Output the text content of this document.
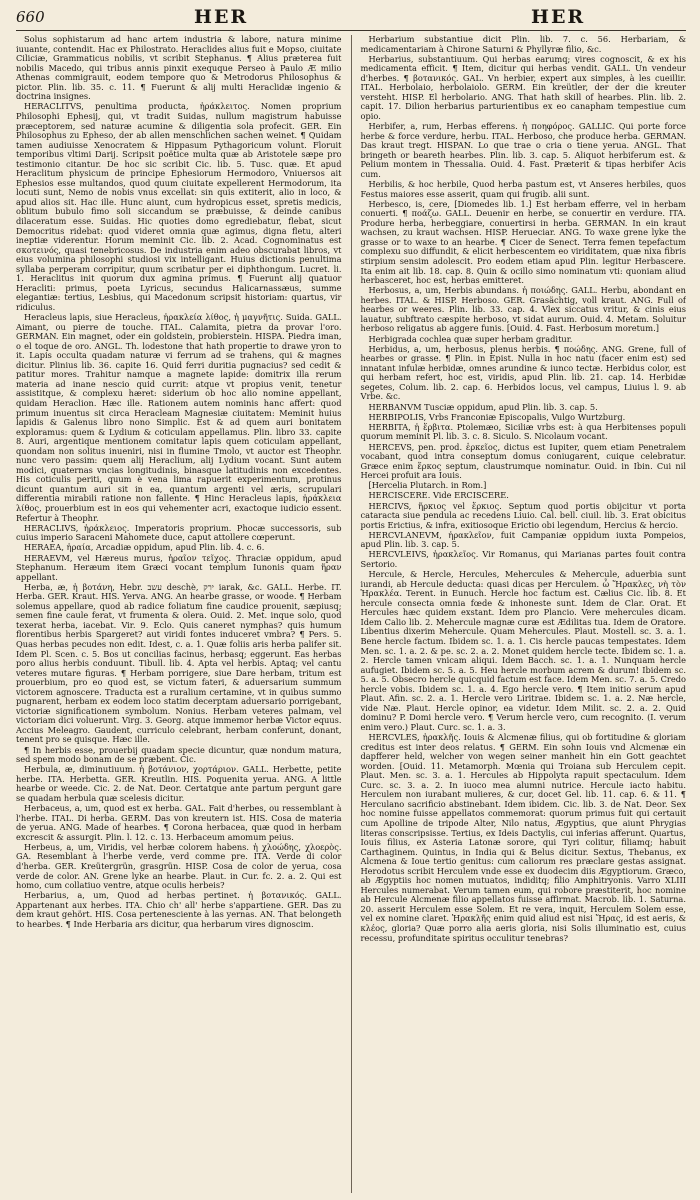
660	HER	HER

Solus sophistarum ad hanc artem industria & labore, natura minime iuuante, contendit. Hac ex Philostrato. Heraclides alius fuit e Mopso, ciuitate Ciliciæ, Grammaticus nobilis, vt scribit Stephanus. ¶ Alius præterea fuit nobilis Macedo, qui tribus annis pinxit exequque Perseo à Paulo Æ milio Athenas commigrauit, eodem tempore quo & Metrodorus Philosophus & pictor. Plin. lib. 35. c. 11. ¶ Fuerunt & alij multi Heraclidæ ingenio & doctrina insignes.

HERACLITVS, penultima producta, ἡράκλειτος. Nomen proprium Philosophi Ephesij, qui, vt tradit Suidas, nullum magistrum habuisse præceptorem, sed naturæ acumine & diligentia sola profecit. GER. Ein Philosophus zu Epheso, der ab allen menschlichen sachen weinet. ¶ Quidam tamen audiuisse Xenocratem & Hippasum Pythagoricum volunt. Floruit temporibus vltimi Darij. Scripsit poëtice multa quæ ab Aristotele sæpe pro testimonio citantur. De hoc sic scribit Cic. lib. 5. Tusc. quæ. Et apud Heraclitum physicum de principe Ephesiorum Hermodoro, Vniuersos ait Ephesios esse multandos, quod quum ciuitate expellerent Hermodorum, ita locuti sunt, Nemo de nobis vnus excellat: sin quis extiterit, alio in loco, & apud alios sit. Hac ille. Hunc aiunt, cum hydropicus esset, spretis medicis, oblitum bubulo fimo soli siccandum se præbuisse, & deinde canibus dilaceratum esse. Suidas. Hic quoties domo egrediebatur, flebat, sicut Democritus ridebat: quod videret omnia quæ agimus, digna fletu, alteri ineptiæ viderentur. Horum meminit Cic. lib. 2. Acad. Cognominatus est σκοτεινός, quasi tenebricosus. De industria enim adeo obscurabat libros, vt eius volumina philosophi studiosi vix intelligant. Huius dictionis penultima syllaba perperam corripitur, quum scribatur per ei diphthongum. Lucret. li. 1. Heraclitus init quorum dux agmina primus. ¶ Fuerunt alij quatuor Heracliti: primus, poeta Lyricus, secundus Halicarnassæus, summe elegantiæ: tertius, Lesbius, qui Macedonum scripsit historiam: quartus, vir ridiculus.

Heracleus lapis, siue Heracleus, ἡρακλεία λίθος, ἡ μαγνῆτις. Suida. GALL. Aimant, ou pierre de touche. ITAL. Calamita, pietra da provar l'oro. GERMAN. Ein magnet, oder ein goldstein, probierstein. HISPA. Piedra iman, o el toque de oro. ANGL. Th. lodestone that hath propertie to drawe yron to it. Lapis occulta quadam naturæ vi ferrum ad se trahens, qui & magnes dicitur. Plinius lib. 36. capite 16. Quid ferri duritia pugnacius? sed cedit & patitur mores. Trahitur namque a magnete lapide: domitrix illa rerum materia ad inane nescio quid currit: atque vt propius venit, tenetur assistitque, & complexu hæret: siderium ob hoc alio nomine appellant, quidam Heraclion. Hæc ille. Rationem autem nominis hanc affert: quod primum inuentus sit circa Heracleam Magnesiæ ciuitatem: Meminit huius lapidis & Galenus libro nono Simplic. Est & ad quem auri bonitatem exploramus: quem & Lydium & coticulam appellamus. Plin. libro 33. capite 8. Auri, argentique mentionem comitatur lapis quem coticulam appellant, quondam non solitus inueniri, nisi in flumine Tmolo, vt auctor est Theophr. nunc vero passim: quem alij Heraclium, alij Lydium vocant. Sunt autem modici, quaternas vncias longitudinis, binasque latitudinis non excedentes. His coticulis periti, quum è vena lima rapuerit experimentum, protinus dicunt quantum auri sit in ea, quantum argenti vel æris, scrupulari differentia mirabili ratione non fallente. ¶ Hinc Heracleus lapis, ἡράκλεια λίθος, prouerbium est in eos qui vehementer acri, exactoque iudicio essent. Refertur à Theophr.

HERACLIVS, ἡράκλειος. Imperatoris proprium. Phocæ successoris, sub cuius imperio Saraceni Mahomete duce, caput attollere cœperunt.

HERAEA, ἡραία, Arcadiæ oppidum, apud Plin. lib. 4. c. 6.

HERAEVM, vel Hæreus murus, ἡραῖον τεῖχος. Thraciæ oppidum, apud Stephanum. Heræum item Græci vocant templum Iunonis quam ἥραν appellant.

Herba, æ, ἡ βοτάνη, Hebr. עשב deschè, ירק iarak, &c. GALL. Herbe. IT. Herba. GER. Kraut. HIS. Yerva. ANG. An hearbe grasse, or woode. ¶ Herbam solemus appellare, quod ab radice foliatum fine caudice prouenit, sæpiusq; semen fine caule ferat, vt frumenta & olera. Ouid. 2. Met. inque solo, quod texerat herba, iacebat. Vir. 9. Eclo. Quis caneret nymphas? quis humum florentibus herbis Spargeret? aut viridi fontes induceret vmbra? ¶ Pers. 5. Quas herbas pecudes non edit. Idest, c. a. 1. Quæ foliis aris herba palifer sit. Idem Pl. Scen. c. 5. Bos ut concilias facinus, herbasq; eggerunt. Eas herbas poro alius herbis conduunt. Tibull. lib. 4. Apta vel herbis. Aptaq; vel cantu veteres mutare figuras. ¶ Herbam porrigere, siue Dare herbam, tritum est prouerbium, pro eo quod est, se victum fateri, & aduersarium summum victorem agnoscere. Traducta est a ruralium certamine, vt in quibus summo pugnarent, herbam ex eodem loco statim decerptam aduersario porrigebant, victoriæ significationem symbolum. Nonius. Herbam veteres palmam, vel victoriam dici voluerunt. Virg. 3. Georg. atque immemor herbæ Victor equus. Accius Meleagro. Gaudent, curriculo celebrant, herbam conferunt, donant, tenent pro se quisque. Hæc ille.

¶ In herbis esse, prouerbij quadam specie dicuntur, quæ nondum matura, sed spem modo bonam de se præbent. Cic.

Herbula, æ, diminutiuum. ἡ βοτάνιον, χορτάριον. GALL. Herbette, petite herbe. ITA. Herbetta. GER. Kreutlin. HIS. Poquenita yerua. ANG. A little hearbe or weede. Cic. 2. de Nat. Deor. Certatque ante partum pergunt gare se quadam herbula quæ scelesis dicitur.

Herbaceus, a, um, quod est ex herba. GAL. Fait d'herbes, ou ressemblant à l'herbe. ITAL. Di herba. GERM. Das von kreutern ist. HIS. Cosa de materia de yerua. ANG. Made of hearbes. ¶ Corona herbacea, quæ quod in herbam excrescit & assurgit. Plin. l. 12. c. 13. Herbaceum amomum peius.

Herbeus, a, um, Viridis, vel herbæ colorem habens. ἡ χλοώδης, χλοερὸς. GA. Resemblant à l'herbe verde, verd comme pre. ITA. Verde di color d'herba. GER. Kreütergrün, grasgrün. HISP. Cosa de color de yerua, cosa verde de color. AN. Grene lyke an hearbe. Plaut. in Cur. fc. 2. a. 2. Qui est homo, cum collatiuo ventre, atque oculis herbeis?

Herbarius, a, um, Quod ad herbas pertinet. ἡ βοτανικός. GALL. Appartenant aux herbes. ITA. Chio ch' all' herbe s'appartiene. GER. Das zu dem kraut gehört. HIS. Cosa pertenesciente à las yernas. AN. That belongeth to hearbes. ¶ Inde Herbaria ars dicitur, qua herbarum vires dignoscim.

Herbarium substantiue dicit Plin. lib. 7. c. 56. Herbariam, & medicamentariam à Chirone Saturni & Phyllyræ filio, &c.

Herbarius, substantiuum. Qui herbas earumq; vires cognoscit, & ex his medicamenta efficit. ¶ Item, dicitur qui herbas vendit. GALL. Un vendeur d'herbes. ¶ βοτανικός. GAL. Vn herbier, expert aux simples, à les cueillir. ITAL. Herbolaio, herbolaiolo. GERM. Ein kreütler, der der die kreuter versteht. HISP. El herbolario. ANG. That hath skill of hearbes. Plin. lib. 2. capit. 17. Dilion herbarius parturientibus ex eo canapham tempestiue cum opio.

Herbifer, a, rum, Herbas efferens. ἡ ποηφόρος. GALLIC. Qui porte force herbe & force verdure, herbu. ITAL. Herboso, che produce herba. GERMAN. Das kraut tregt. HISPAN. Lo que trae o cria o tiene yerua. ANGL. That bringeth or beareth hearbes. Plin. lib. 3. cap. 5. Aliquot herbiferum est. & Pelium montem in Thessalia. Ouid. 4. Fast. Præterit & tipas herbifer Acis cum.

Herbilis, & hoc herbile, Quod herba pastum est, vt Anseres herbiles, quos Festus maiores esse asserit, quam qui frugib. alii sunt.

Herbesco, is, cere, [Diomedes lib. 1.] Est herbam efferre, vel in herbam conuerti. ¶ ποάζω. GALL. Deuenir en herbe, se conuertir en verdure. ITA. Produre herba, herbeggiare, conuertirsi in herba. GERMAN. In ein kraut wachsen, zu kraut wachsen. HISP. Herueciar. ANG. To waxe grene lyke the grasse or to waxe to an hearbe. ¶ Cicer de Senect. Terra femen tepefactum complexu suo diffundit, & elicit herbescentem eo viriditatem, quæ nixa fibris stirpium sensim adolescit. Pro eodem etiam apud Plin. legitur Herbascere. Ita enim ait lib. 18. cap. 8. Quin & ocillo simo nominatum vti: quoniam aliud herbasceret, hoc est, herbas emitteret.

Herbosus, a, um, Herbis abundans. ἡ ποιώδης. GALL. Herbu, abondant en herbes. ITAL. & HISP. Herboso. GER. Grasächtig, voll kraut. ANG. Full of hearbes or weeres. Plin. lib. 33. cap. 4. Vlex siccatus vritur, & cinis eius lauatur, subftrato cæspite herboso, vt sidat aurum. Ouid. 4. Metam. Soluitur herboso religatus ab aggere funis. [Ouid. 4. Fast. Herbosum moretum.]

Herbigrada cochlea quæ super herbam graditur.

Herbidus, a, um, herbosus, plenus herbis. ¶ ποώδης. ANG. Grene, full of hearbes or grasse. ¶ Plin. in Epist. Nulla in hoc natu (facer enim est) sed innatant infulæ herbidæ, omnes arundine & iunco tectæ. Herbidus color, est qui herbam refert, hoc est, viridis, apud Plin. lib. 21. cap. 14. Herbidæ segetes, Colum. lib. 2. cap. 6. Herbidos locus, vel campus, Liuius l. 9. ab Vrbe. &c.

HERBANVM Tusciæ oppidum, apud Plin. lib. 3. cap. 5.

HERBIPOLIS, Vrbs Franconiæ Episcopalis, Vulgo Wurtzburg.

HERBITA, ἡ ἕρβιτα. Ptolemæo, Siciliæ vrbs est: à qua Herbitenses populi quorum meminit Pl. lib. 3. c. 8. Siculo. S. Nicolaum vocant.

HERCEVS, pen. prod. ἑρκεῖος, dictus est Iupiter, quem etiam Penetralem vocabant, quod intra conseptum domus coniugarent, cuique celebratur. Græce enim ἕρκος septum, claustrumque nominatur. Ouid. in Ibin. Cui nil Hercei profuit ara Iouis.

[Hercelia Plutarch. in Rom.]

HERCISCERE. Vide ERCISCERE.

HERCIVS, ἥρκιος vel ἕρκιος. Septum quod portis obijcitur vt porta cataracta siue pendula ac recedens Liuio. Cal. bell. ciuil. lib. 3. Erat obicitus portis Erictius, & infra, exitiosoque Erictio obi legendum, Hercius & hercio.

HERCVLANEVM, ἡρακλεῖον, fuit Campaniæ oppidum iuxta Pompeios, apud Plin. lib. 3. cap. 5.

HERCVLEIVS, ἡρακλεῖος. Vir Romanus, qui Marianas partes fouit contra Sertorio.

Hercule, & Hercle, Hercules, Mehercules & Mehercule, aduerbia sunt iurandi, ab Hercule deducta: quasi dicas per Herculem. ὦ Ἥρακλες, νὴ τὸν Ἡρακλέα. Terent. in Eunuch. Hercle hoc factum est. Cælius Cic. lib. 8. Et hercule consecta omnia fœde & inhoneste sunt. Idem de Clar. Orat. Et Hercules hæc quidem exstant. Idem pro Plancio. Vere mehercules dicam. Idem Calio lib. 2. Mehercule magnæ curæ est Ædilitas tua. Idem de Oratore. Libentius dixerim Mehercule. Quam Mehercules. Plaut. Mostell. sc. 3. a. 1. Bene hercle factum. Ibidem sc. 1. a. 1. Cis hercle paucas tempestates. Idem Men. sc. 1. a. 2. & pe. sc. 2. a. 2. Monet quidem hercle tecte. Ibidem sc. 1. a. 2. Hercle tamen vnicam aliqui. Idem Bacch. sc. 1. a. 1. Nunquam hercle aufugiet. Ibidem sc. 5. a. 5. Heu hercle morbum acrem & durum! Ibidem sc. 5. a. 5. Obsecro hercle quicquid factum est face. Idem Men. sc. 7. a. 5. Credo hercle vobis. Ibidem sc. 1. a. 4. Ego hercle vero. ¶ Item initio serum apud Plaut. Afin. sc. 2. a. 1. Hercle vero Liritrae. Ibidem sc. 1. a. 2. Næ hercle, vide Næ. Plaut. Hercle opinor, ea videtur. Idem Milit. sc. 2. a. 2. Quid dominu? P. Domi hercle vero. ¶ Verum hercle vero, cum recognito. (I. verum enim vero.) Plaut. Curc. sc. 1. a. 3.

HERCVLES, ἡρακλῆς. Iouis & Alcmenæ filius, qui ob fortitudine & gloriam creditus est inter deos relatus. ¶ GERM. Ein sohn Iouis vnd Alcmenæ ein dapfferer held, welcher von wegen seiner manheit hin ein Gott geachtet worden. [Ouid. 11. Metamorph. Mœnia qui Troiana sub Herculem cepit. Plaut. Men. sc. 3. a. 1. Hercules ab Hippolyta rapuit spectaculum. Idem Curc. sc. 3. a. 2. In iuoco mea alumni nutrice. Hercule iacto habitu. Herculem non iurabant mulieres, & cur, docet Gel. lib. 11. cap. 6. & 11. ¶ Herculano sacrificio abstinebant. Idem ibidem. Cic. lib. 3. de Nat. Deor. Sex hoc nomine fuisse appellatos commemorat: quorum primus fuit qui certauit cum Apolline de tripode Alter, Nilo natus, Ægyptius, que aiunt Phrygias literas conscripsisse. Tertius, ex Ideis Dactylis, cui inferias afferunt. Quartus, Iouis filius, ex Asteria Latonæ sorore, qui Tyri colitur, filiamq; habuit Carthaginem. Quintus, in India qui & Belus dicitur. Sextus, Thebanus, ex Alcmena & Ioue tertio genitus: cum caliorum res præclare gestas assignat. Herodotus scribit Herculem vnde esse ex duodecim diis Ægyptiorum. Græco, ab Ægyptiis hoc nomen mutuatos, indiditq; filio Amphitryonis. Varro XLIII Hercules numerabat. Verum tamen eum, qui robore præstiterit, hoc nomine ab Hercule Alcmenæ filio appellatos fuisse affirmat. Macrob. lib. 1. Saturna. 20. asserit Herculem esse Solem. Et re vera, inquit, Herculem Solem esse, vel ex nomine claret. Ἡρακλῆς enim quid aliud est nisi Ἥρας, id est aeris, & κλέος, gloria? Quæ porro alia aeris gloria, nisi Solis illuminatio est, cuius recessu, profunditate spiritus occulitur tenebras?
